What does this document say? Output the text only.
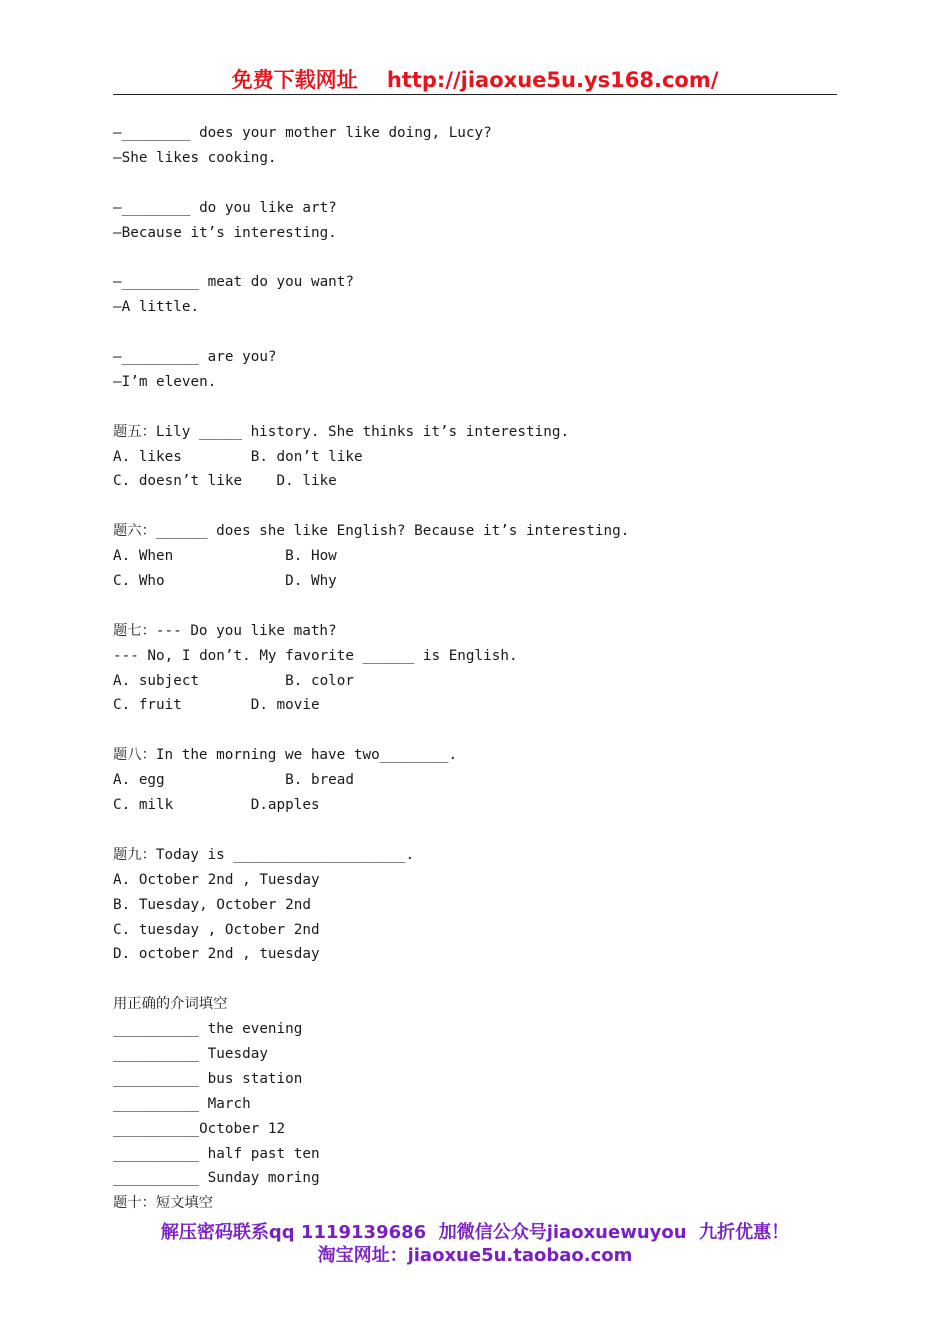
免费下载网址    http://jiaoxue5u.ys168.com/
—________ does your mother like doing, Lucy?
—She likes cooking.
—________ do you like art?
—Because it’s interesting.
—_________ meat do you want?
—A little.
—_________ are you?
—I’m eleven.
题五：Lily _____ history. She thinks it’s interesting.
A. likes        B. don’t like
C. doesn’t like    D. like
题六：______ does she like English? Because it’s interesting.
A. When             B. How
C. Who              D. Why
题七：--- Do you like math?
--- No, I don’t. My favorite ______ is English.
A. subject          B. color
C. fruit        D. movie
题八：In the morning we have two________.
A. egg              B. bread
C. milk         D.apples
题九：Today is ____________________.
A. October 2nd , Tuesday
B. Tuesday, October 2nd
C. tuesday , October 2nd
D. october 2nd , tuesday
用正确的介词填空
__________ the evening
__________ Tuesday
__________ bus station
__________ March
__________October 12
__________ half past ten
__________ Sunday moring
题十：短文填空
解压密码联系qq 1119139686  加微信公众号jiaoxuewuyou  九折优惠！
淘宝网址：jiaoxue5u.taobao.com
